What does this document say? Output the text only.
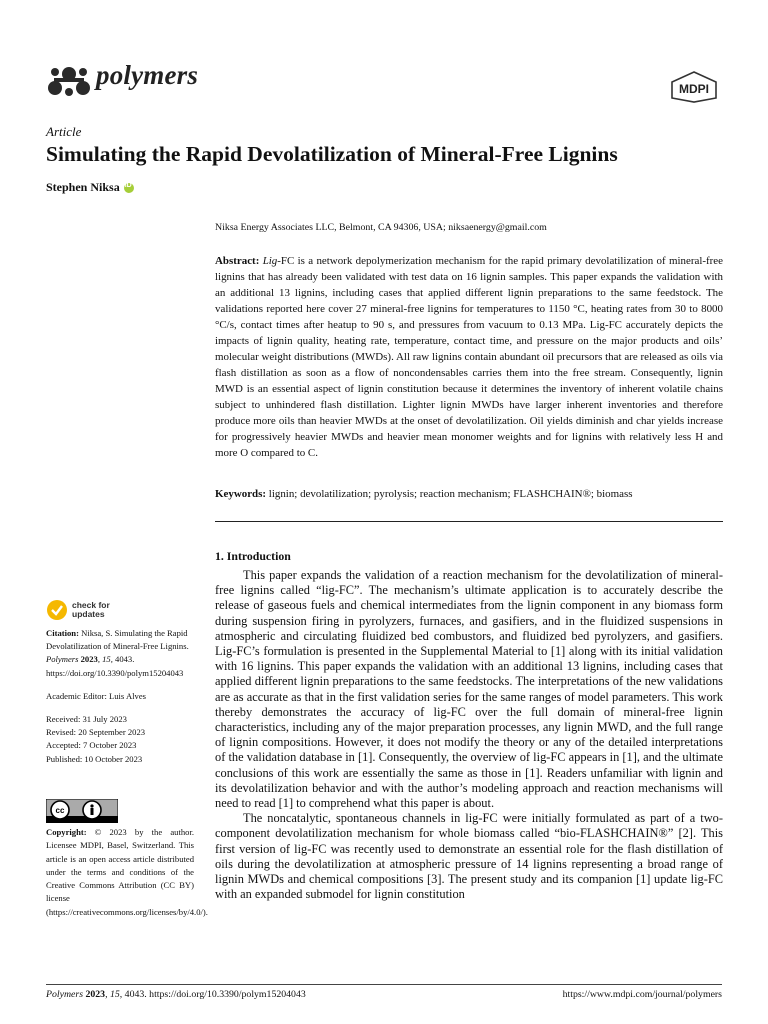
polymers	MDPI
Article
Simulating the Rapid Devolatilization of Mineral-Free Lignins
Stephen Niksa
iD
Niksa Energy Associates LLC, Belmont, CA 94306, USA; niksaenergy@gmail.com
Abstract: Lig-FC is a network depolymerization mechanism for the rapid primary devolatilization of mineral-free lignins that has already been validated with test data on 16 lignin samples. This paper expands the validation with an additional 13 lignins, including cases that applied different lignin preparations to the same feedstock. The validations reported here cover 27 mineral-free lignins for temperatures to 1150 °C, heating rates from 30 to 8000 °C/s, contact times after heatup to 90 s, and pressures from vacuum to 0.13 MPa. Lig-FC accurately depicts the impacts of lignin quality, heating rate, temperature, contact time, and pressure on the major products and oils’ molecular weight distributions (MWDs). All raw lignins contain abundant oil precursors that are released as oils via flash distillation as soon as a flow of noncondensables carries them into the free stream. Consequently, lignin MWD is an essential aspect of lignin constitution because it determines the inventory of inherent volatile chains subject to unhindered flash distillation. Lighter lignin MWDs have larger inherent inventories and therefore produce more oils than heavier MWDs at the onset of devolatilization. Oil yields diminish and char yields increase for progressively heavier MWDs and heavier mean monomer weights and for lignins with relatively less H and more O compared to C.
Keywords: lignin; devolatilization; pyrolysis; reaction mechanism; FLASHCHAIN®; biomass
1. Introduction

This paper expands the validation of a reaction mechanism for the devolatilization of mineral-free lignins called “lig-FC”. The mechanism’s ultimate application is to accurately describe the release of gaseous fuels and chemical intermediates from the lignin component in any biomass form during suspension firing in pyrolyzers, furnaces, and gasifiers, and in the fluidized suspensions in atmospheric and circulating fluidized bed combustors, and fluidized bed pyrolyzers, and gasifiers. Lig-FC’s formulation is presented in the Supplemental Material to [1] along with its initial validation with 16 lignins. This paper expands the validation with an additional 13 lignins, including cases that applied different lignin preparations to the same feedstocks. The interpretations of the new validations are as accurate as that in the first validation series for the same ranges of model parameters. This work thereby demonstrates the accuracy of lig-FC over the full domain of mineral-free lignin characteristics, including any of the major preparation processes, any lignin MWD, and the full range of lignin compositions. However, it does not modify the theory or any of the detailed interpretations of the validation database in [1]. Consequently, the overview of lig-FC appears in [1], and the ultimate conclusions of this work are essentially the same as those in [1]. Readers unfamiliar with lignin and its devolatilization behavior and with the author’s modeling approach and reaction mechanisms will need to read [1] to comprehend what this paper is about.

The noncatalytic, spontaneous channels in lig-FC were initially formulated as part of a two-component devolatilization mechanism for whole biomass called “bio-FLASHCHAIN®” [2]. This first version of lig-FC was recently used to demonstrate an essential role for the flash distillation of oils during the devolatilization at atmospheric pressure of 14 lignins representing a broad range of lignin MWDs and chemical compositions [3]. The present study and its companion [1] update lig-FC with an expanded submodel for lignin constitution

check for
updates

Citation: Niksa, S. Simulating the Rapid Devolatilization of Mineral-Free Lignins. Polymers 2023, 15, 4043. https://doi.org/10.3390/polym15204043

Academic Editor: Luis Alves

Received: 31 July 2023

Revised: 20 September 2023

Accepted: 7 October 2023

Published: 10 October 2023

cc
Copyright: © 2023 by the author. Licensee MDPI, Basel, Switzerland. This article is an open access article distributed under the terms and conditions of the Creative Commons Attribution (CC BY) license (https://creativecommons.org/licenses/by/4.0/).
Polymers 2023, 15, 4043. https://doi.org/10.3390/polym15204043	https://www.mdpi.com/journal/polymers
